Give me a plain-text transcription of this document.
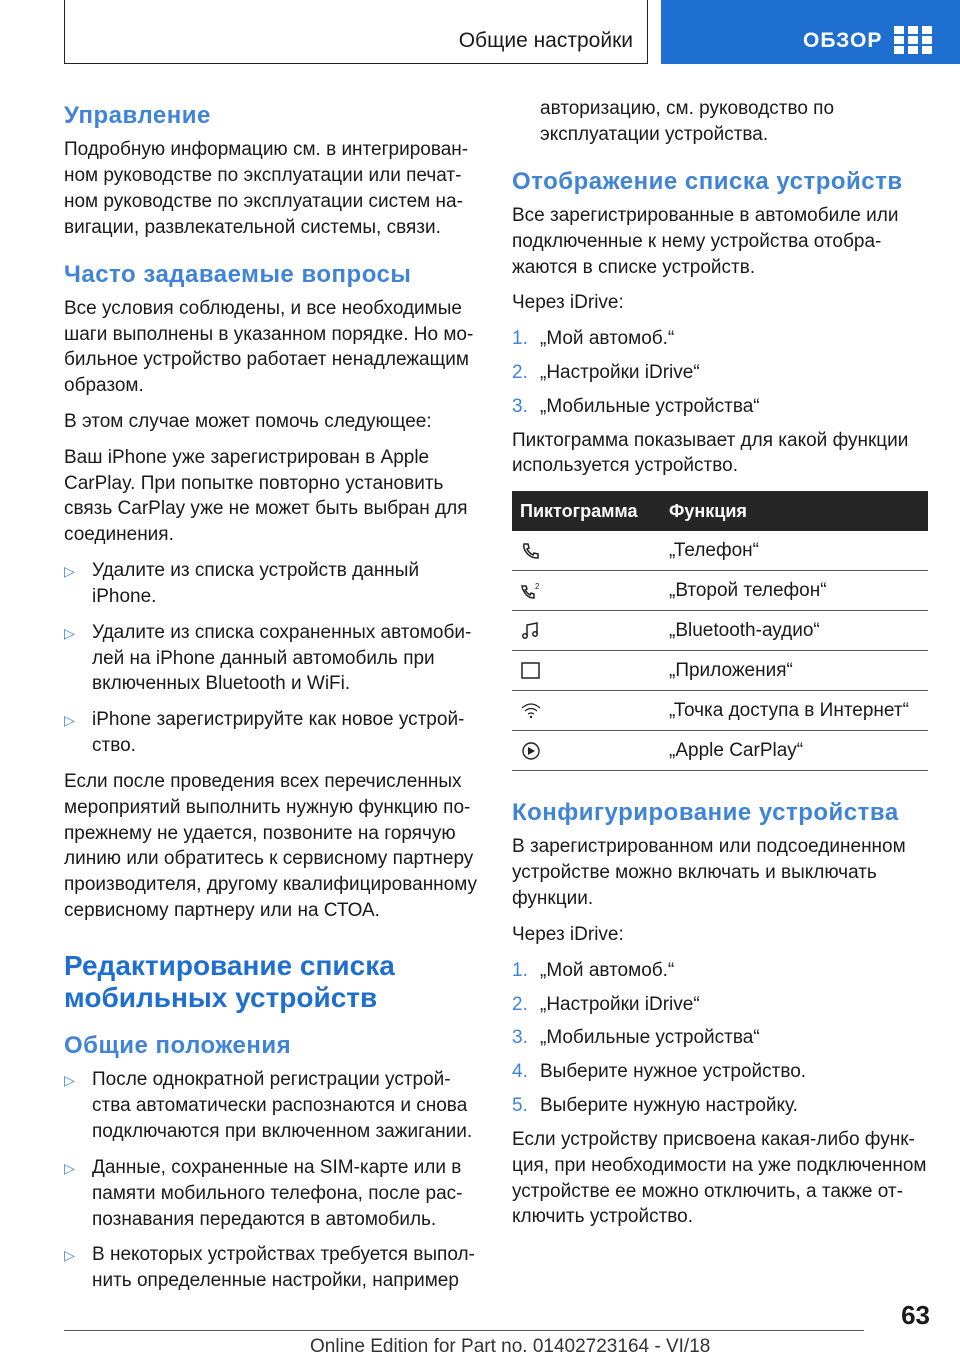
Общие настройки	ОБЗОР
Управление

Подробную информацию см. в интегрирован-ном руководстве по эксплуатации или печат-ном руководстве по эксплуатации систем на-вигации, развлекательной системы, связи.

Часто задаваемые вопросы

Все условия соблюдены, и все необходимые шаги выполнены в указанном порядке. Но мо-бильное устройство работает ненадлежащим образом.

В этом случае может помочь следующее:

Ваш iPhone уже зарегистрирован в Apple CarPlay. При попытке повторно установить связь CarPlay уже не может быть выбран для соединения.

▷ Удалите из списка устройств данный iPhone.
▷ Удалите из списка сохраненных автомоби-лей на iPhone данный автомобиль при включенных Bluetooth и WiFi.
▷ iPhone зарегистрируйте как новое устрой-ство.

Если после проведения всех перечисленных мероприятий выполнить нужную функцию по-прежнему не удается, позвоните на горячую линию или обратитесь к сервисному партнеру производителя, другому квалифицированному сервисному партнеру или на СТОА.

Редактирование списка мобильных устройств
Общие положения
▷ После однократной регистрации устрой-ства автоматически распознаются и снова подключаются при включенном зажигании.
▷ Данные, сохраненные на SIM-карте или в памяти мобильного телефона, после рас-познавания передаются в автомобиль.
▷ В некоторых устройствах требуется выпол-нить определенные настройки, например

авторизацию, см. руководство по эксплуатации устройства.

Отображение списка устройств

Все зарегистрированные в автомобиле или подключенные к нему устройства отобра-жаются в списке устройств.

Через iDrive:

1. „Мой автомоб.“
2. „Настройки iDrive“
3. „Мобильные устройства“

Пиктограмма показывает для какой функции используется устройство.

Пиктограмма	Функция
	„Телефон“

2	„Второй телефон“
	„Bluetooth-аудио“
	„Приложения“
	„Точка доступа в Интернет“
	„Apple CarPlay“
Конфигурирование устройства

В зарегистрированном или подсоединенном устройстве можно включать и выключать функции.

Через iDrive:

1. „Мой автомоб.“
2. „Настройки iDrive“
3. „Мобильные устройства“
4. Выберите нужное устройство.
5. Выберите нужную настройку.

Если устройству присвоена какая-либо функ-ция, при необходимости на уже подключенном устройстве ее можно отключить, а также от-ключить устройство.

63
Online Edition for Part no. 01402723164 - VI/18
